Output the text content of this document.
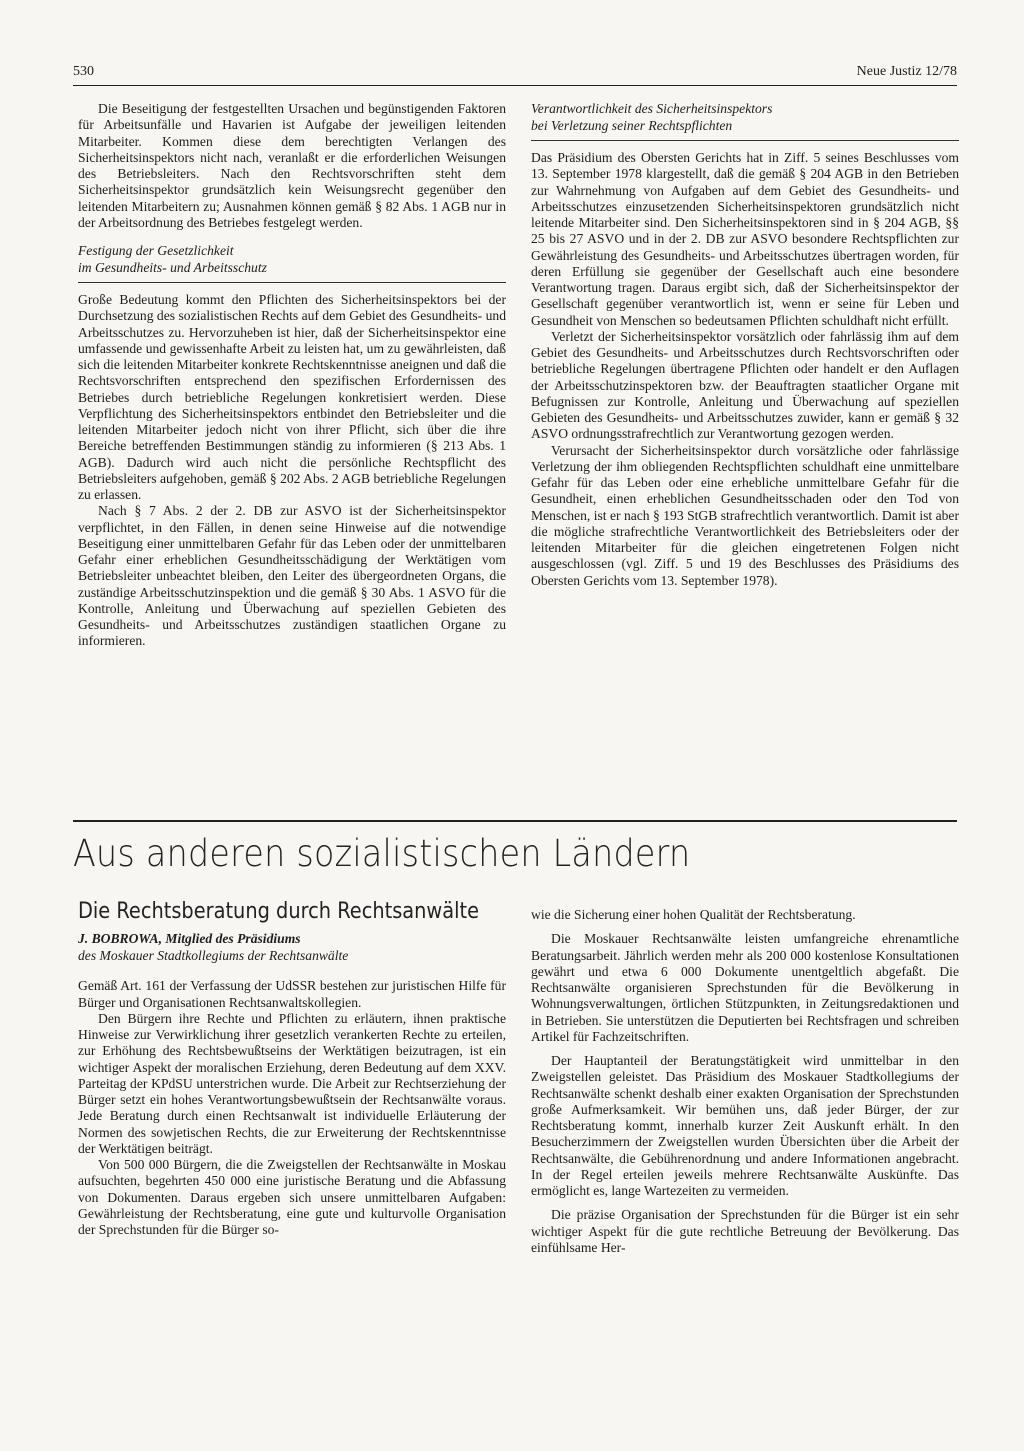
530	Neue Justiz 12/78

Die Beseitigung der festgestellten Ursachen und begünstigenden Faktoren für Arbeitsunfälle und Havarien ist Aufgabe der jeweiligen leitenden Mitarbeiter. Kommen diese dem berechtigten Verlangen des Sicherheitsinspektors nicht nach, veranlaßt er die erforderlichen Weisungen des Betriebsleiters. Nach den Rechtsvorschriften steht dem Sicherheitsinspektor grundsätzlich kein Weisungsrecht gegenüber den leitenden Mitarbeitern zu; Ausnahmen können gemäß § 82 Abs. 1 AGB nur in der Arbeitsordnung des Betriebes festgelegt werden.

Festigung der Gesetzlichkeit
im Gesundheits- und Arbeitsschutz

Große Bedeutung kommt den Pflichten des Sicherheitsinspektors bei der Durchsetzung des sozialistischen Rechts auf dem Gebiet des Gesundheits- und Arbeitsschutzes zu. Hervorzuheben ist hier, daß der Sicherheitsinspektor eine umfassende und gewissenhafte Arbeit zu leisten hat, um zu gewährleisten, daß sich die leitenden Mitarbeiter konkrete Rechtskenntnisse aneignen und daß die Rechtsvorschriften entsprechend den spezifischen Erfordernissen des Betriebes durch betriebliche Regelungen konkretisiert werden. Diese Verpflichtung des Sicherheitsinspektors entbindet den Betriebsleiter und die leitenden Mitarbeiter jedoch nicht von ihrer Pflicht, sich über die ihre Bereiche betreffenden Bestimmungen ständig zu informieren (§ 213 Abs. 1 AGB). Dadurch wird auch nicht die persönliche Rechtspflicht des Betriebsleiters aufgehoben, gemäß § 202 Abs. 2 AGB betriebliche Regelungen zu erlassen.

Nach § 7 Abs. 2 der 2. DB zur ASVO ist der Sicherheitsinspektor verpflichtet, in den Fällen, in denen seine Hinweise auf die notwendige Beseitigung einer unmittelbaren Gefahr für das Leben oder der unmittelbaren Gefahr einer erheblichen Gesundheitsschädigung der Werktätigen vom Betriebsleiter unbeachtet bleiben, den Leiter des übergeordneten Organs, die zuständige Arbeitsschutzinspektion und die gemäß § 30 Abs. 1 ASVO für die Kontrolle, Anleitung und Überwachung auf speziellen Gebieten des Gesundheits- und Arbeitsschutzes zuständigen staatlichen Organe zu informieren.

Verantwortlichkeit des Sicherheitsinspektors
bei Verletzung seiner Rechtspflichten

Das Präsidium des Obersten Gerichts hat in Ziff. 5 seines Beschlusses vom 13. September 1978 klargestellt, daß die gemäß § 204 AGB in den Betrieben zur Wahrnehmung von Aufgaben auf dem Gebiet des Gesundheits- und Arbeitsschutzes einzusetzenden Sicherheitsinspektoren grundsätzlich nicht leitende Mitarbeiter sind. Den Sicherheitsinspektoren sind in § 204 AGB, §§ 25 bis 27 ASVO und in der 2. DB zur ASVO besondere Rechtspflichten zur Gewährleistung des Gesundheits- und Arbeitsschutzes übertragen worden, für deren Erfüllung sie gegenüber der Gesellschaft auch eine besondere Verantwortung tragen. Daraus ergibt sich, daß der Sicherheitsinspektor der Gesellschaft gegenüber verantwortlich ist, wenn er seine für Leben und Gesundheit von Menschen so bedeutsamen Pflichten schuldhaft nicht erfüllt.

Verletzt der Sicherheitsinspektor vorsätzlich oder fahrlässig ihm auf dem Gebiet des Gesundheits- und Arbeitsschutzes durch Rechtsvorschriften oder betriebliche Regelungen übertragene Pflichten oder handelt er den Auflagen der Arbeitsschutzinspektoren bzw. der Beauftragten staatlicher Organe mit Befugnissen zur Kontrolle, Anleitung und Überwachung auf speziellen Gebieten des Gesundheits- und Arbeitsschutzes zuwider, kann er gemäß § 32 ASVO ordnungsstrafrechtlich zur Verantwortung gezogen werden.

Verursacht der Sicherheitsinspektor durch vorsätzliche oder fahrlässige Verletzung der ihm obliegenden Rechtspflichten schuldhaft eine unmittelbare Gefahr für das Leben oder eine erhebliche unmittelbare Gefahr für die Gesundheit, einen erheblichen Gesundheitsschaden oder den Tod von Menschen, ist er nach § 193 StGB strafrechtlich verantwortlich. Damit ist aber die mögliche strafrechtliche Verantwortlichkeit des Betriebsleiters oder der leitenden Mitarbeiter für die gleichen eingetretenen Folgen nicht ausgeschlossen (vgl. Ziff. 5 und 19 des Beschlusses des Präsidiums des Obersten Gerichts vom 13. September 1978).

Aus anderen sozialistischen Ländern
Die Rechtsberatung durch Rechtsanwälte
J. BOBROWA, Mitglied des Präsidiums
des Moskauer Stadtkollegiums der Rechtsanwälte

Gemäß Art. 161 der Verfassung der UdSSR bestehen zur juristischen Hilfe für Bürger und Organisationen Rechtsanwaltskollegien.

Den Bürgern ihre Rechte und Pflichten zu erläutern, ihnen praktische Hinweise zur Verwirklichung ihrer gesetzlich verankerten Rechte zu erteilen, zur Erhöhung des Rechtsbewußtseins der Werktätigen beizutragen, ist ein wichtiger Aspekt der moralischen Erziehung, deren Bedeutung auf dem XXV. Parteitag der KPdSU unterstrichen wurde. Die Arbeit zur Rechtserziehung der Bürger setzt ein hohes Verantwortungsbewußtsein der Rechtsanwälte voraus. Jede Beratung durch einen Rechtsanwalt ist individuelle Erläuterung der Normen des sowjetischen Rechts, die zur Erweiterung der Rechtskenntnisse der Werktätigen beiträgt.

Von 500 000 Bürgern, die die Zweigstellen der Rechtsanwälte in Moskau aufsuchten, begehrten 450 000 eine juristische Beratung und die Abfassung von Dokumenten. Daraus ergeben sich unsere unmittelbaren Aufgaben: Gewährleistung der Rechtsberatung, eine gute und kulturvolle Organisation der Sprechstunden für die Bürger so-

wie die Sicherung einer hohen Qualität der Rechtsberatung.

Die Moskauer Rechtsanwälte leisten umfangreiche ehrenamtliche Beratungsarbeit. Jährlich werden mehr als 200 000 kostenlose Konsultationen gewährt und etwa 6 000 Dokumente unentgeltlich abgefaßt. Die Rechtsanwälte organisieren Sprechstunden für die Bevölkerung in Wohnungsverwaltungen, örtlichen Stützpunkten, in Zeitungsredaktionen und in Betrieben. Sie unterstützen die Deputierten bei Rechtsfragen und schreiben Artikel für Fachzeitschriften.

Der Hauptanteil der Beratungstätigkeit wird unmittelbar in den Zweigstellen geleistet. Das Präsidium des Moskauer Stadtkollegiums der Rechtsanwälte schenkt deshalb einer exakten Organisation der Sprechstunden große Aufmerksamkeit. Wir bemühen uns, daß jeder Bürger, der zur Rechtsberatung kommt, innerhalb kurzer Zeit Auskunft erhält. In den Besucherzimmern der Zweigstellen wurden Übersichten über die Arbeit der Rechtsanwälte, die Gebührenordnung und andere Informationen angebracht. In der Regel erteilen jeweils mehrere Rechtsanwälte Auskünfte. Das ermöglicht es, lange Wartezeiten zu vermeiden.

Die präzise Organisation der Sprechstunden für die Bürger ist ein sehr wichtiger Aspekt für die gute rechtliche Betreuung der Bevölkerung. Das einfühlsame Her-
